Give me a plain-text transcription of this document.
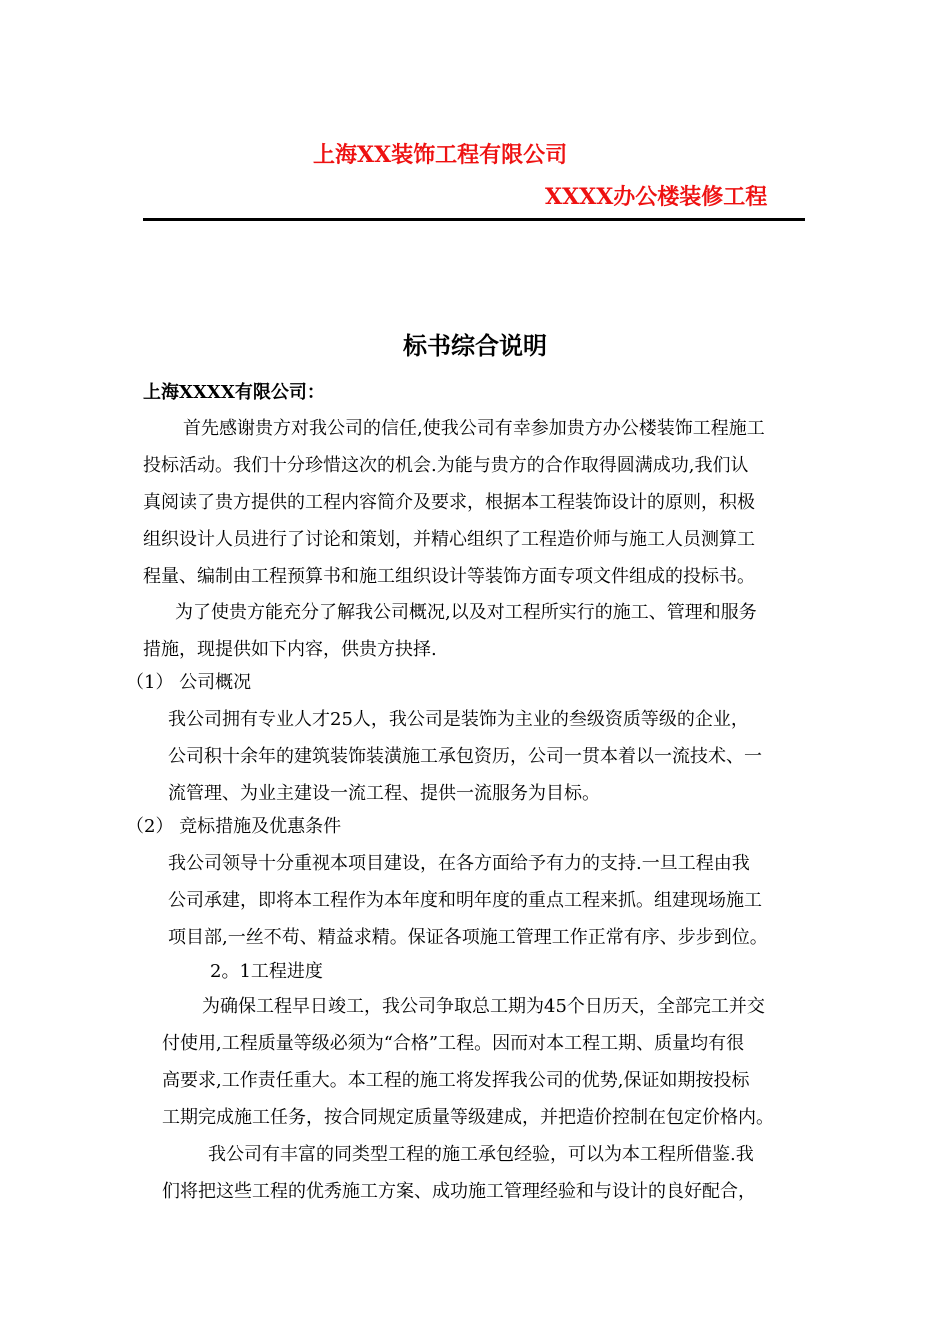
上海XX装饰工程有限公司
XXXX办公楼装修工程
标书综合说明
上海XXXX有限公司：
首先感谢贵方对我公司的信任,使我公司有幸参加贵方办公楼装饰工程施工
投标活动。我们十分珍惜这次的机会.为能与贵方的合作取得圆满成功,我们认
真阅读了贵方提供的工程内容简介及要求，根据本工程装饰设计的原则，积极
组织设计人员进行了讨论和策划，并精心组织了工程造价师与施工人员测算工
程量、编制由工程预算书和施工组织设计等装饰方面专项文件组成的投标书。
为了使贵方能充分了解我公司概况,以及对工程所实行的施工、管理和服务
措施，现提供如下内容，供贵方抉择.
（1） 公司概况
我公司拥有专业人才25人，我公司是装饰为主业的叁级资质等级的企业，
公司积十余年的建筑装饰装潢施工承包资历，公司一贯本着以一流技术、一
流管理、为业主建设一流工程、提供一流服务为目标。
（2） 竞标措施及优惠条件
我公司领导十分重视本项目建设，在各方面给予有力的支持.一旦工程由我
公司承建，即将本工程作为本年度和明年度的重点工程来抓。组建现场施工
项目部,一丝不苟、精益求精。保证各项施工管理工作正常有序、步步到位。
2。1工程进度
为确保工程早日竣工，我公司争取总工期为45个日历天，全部完工并交
付使用,工程质量等级必须为“合格”工程。因而对本工程工期、质量均有很
高要求,工作责任重大。本工程的施工将发挥我公司的优势,保证如期按投标
工期完成施工任务，按合同规定质量等级建成，并把造价控制在包定价格内。
我公司有丰富的同类型工程的施工承包经验，可以为本工程所借鉴.我
们将把这些工程的优秀施工方案、成功施工管理经验和与设计的良好配合，
